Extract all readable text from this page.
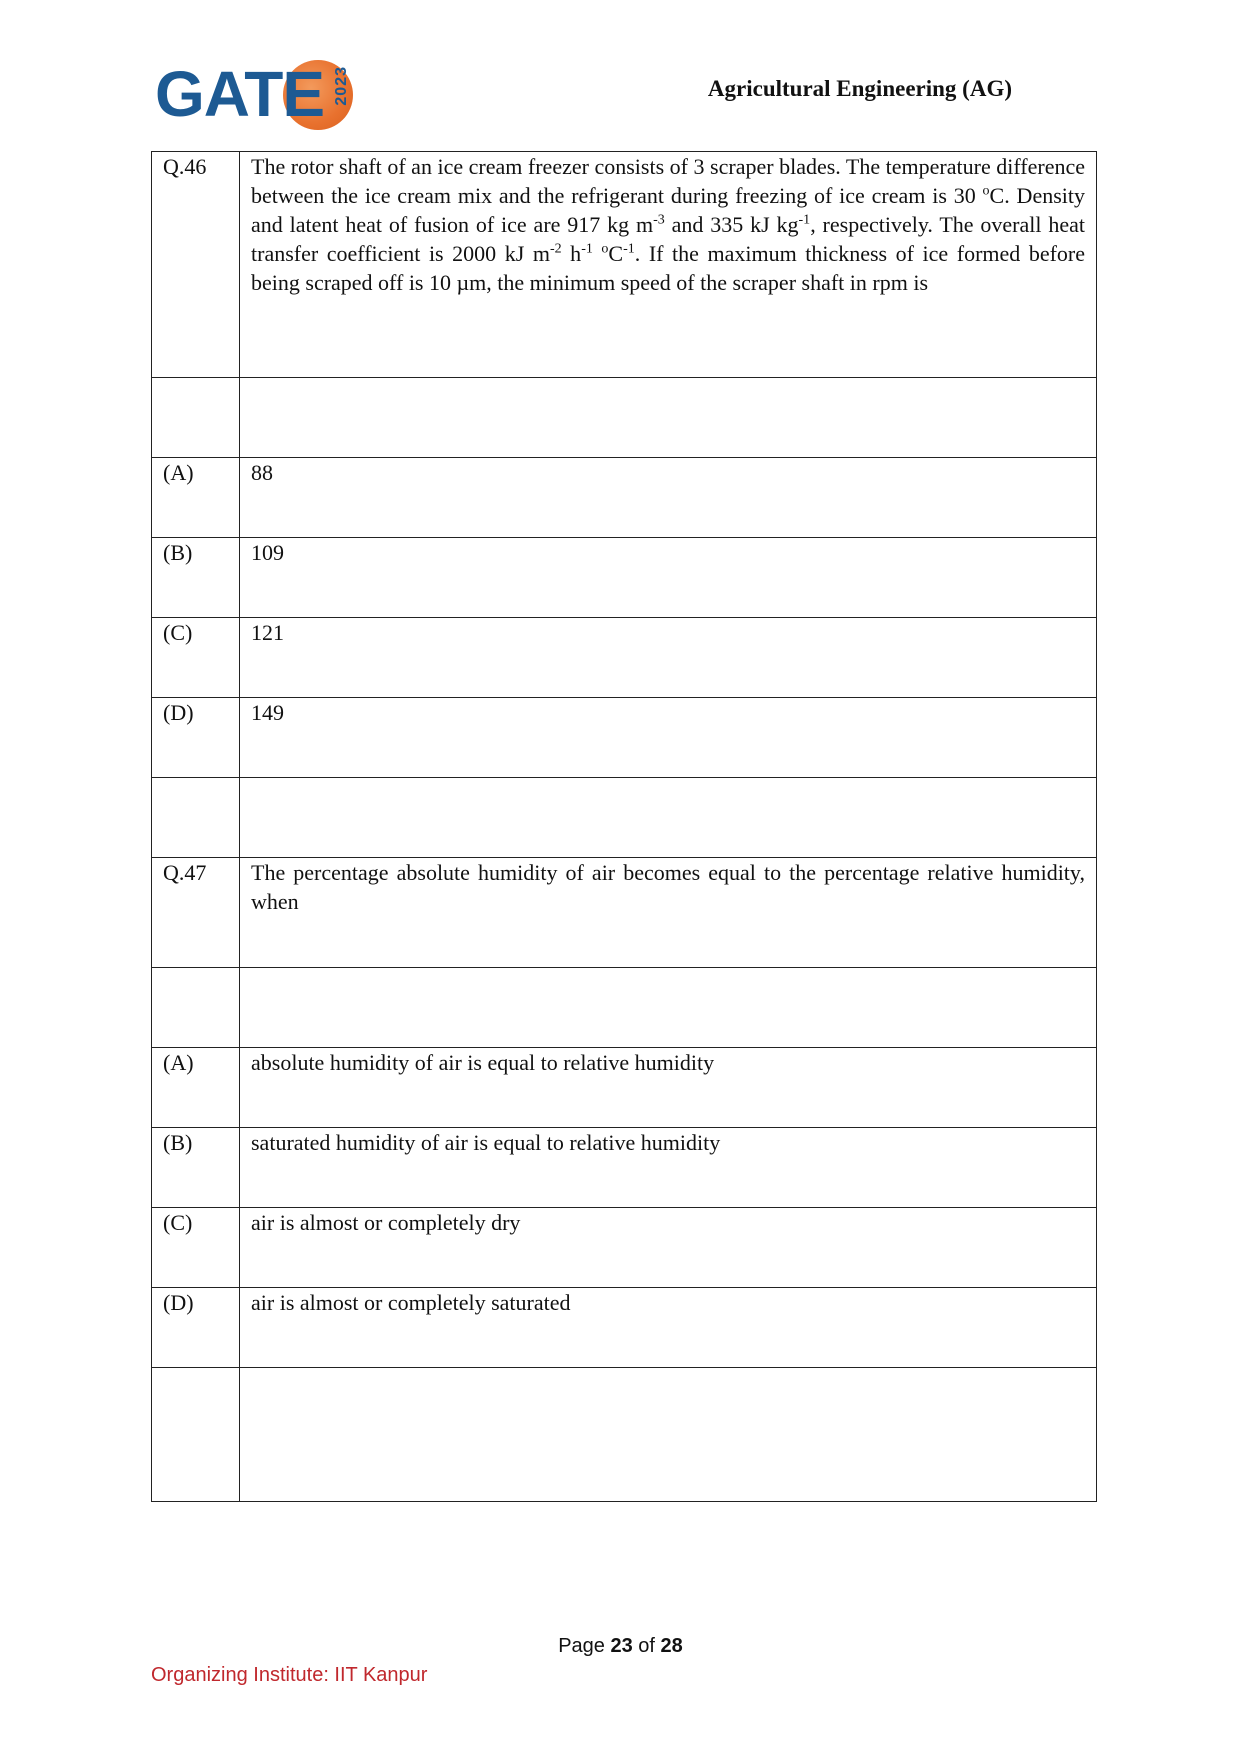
GATE 2023	Agricultural Engineering (AG)
Q.46	The rotor shaft of an ice cream freezer consists of 3 scraper blades. The temperature difference between the ice cream mix and the refrigerant during freezing of ice cream is 30 $^o$C. Density and latent heat of fusion of ice are 917 kg $m^{-3}$ and 335 kJ $kg^{-1}$, respectively. The overall heat transfer coefficient is 2000 kJ $m^{-2}$ $h^{-1}$ $^oC^{-1}$. If the maximum thickness of ice formed before being scraped off is 10 µm, the minimum speed of the scraper shaft in rpm is

(A)	88
(B)	109
(C)	121
(D)	149

Q.47	The percentage absolute humidity of air becomes equal to the percentage relative humidity, when

(A)	absolute humidity of air is equal to relative humidity
(B)	saturated humidity of air is equal to relative humidity
(C)	air is almost or completely dry
(D)	air is almost or completely saturated

Page 23 of 28
Organizing Institute: IIT Kanpur
